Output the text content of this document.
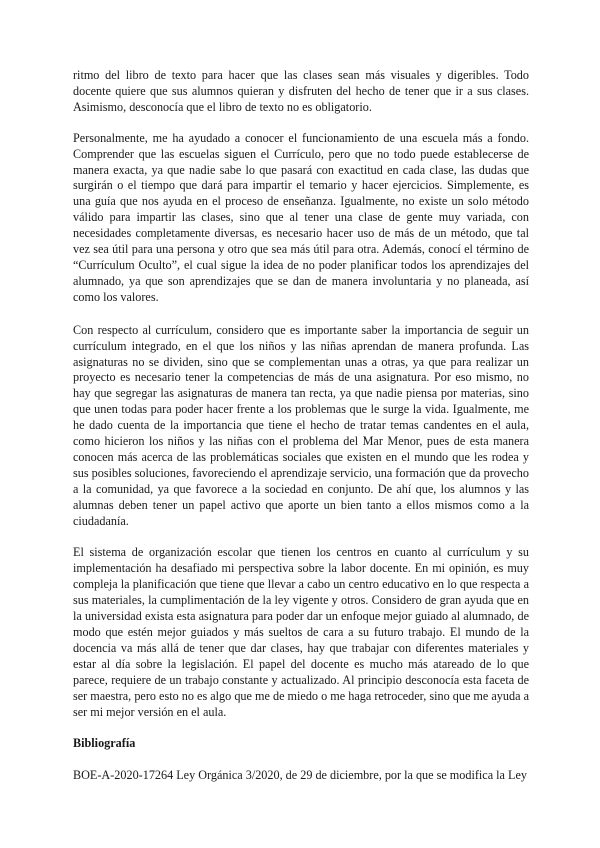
ritmo del libro de texto para hacer que las clases sean más visuales y digeribles. Todo docente quiere que sus alumnos quieran y disfruten del hecho de tener que ir a sus clases. Asimismo, desconocía que el libro de texto no es obligatorio.

Personalmente, me ha ayudado a conocer el funcionamiento de una escuela más a fondo. Comprender que las escuelas siguen el Currículo, pero que no todo puede establecerse de manera exacta, ya que nadie sabe lo que pasará con exactitud en cada clase, las dudas que surgirán o el tiempo que dará para impartir el temario y hacer ejercicios. Simplemente, es una guía que nos ayuda en el proceso de enseñanza. Igualmente, no existe un solo método válido para impartir las clases, sino que al tener una clase de gente muy variada, con necesidades completamente diversas, es necesario hacer uso de más de un método, que tal vez sea útil para una persona y otro que sea más útil para otra. Además, conocí el término de “Currículum Oculto”, el cual sigue la idea de no poder planificar todos los aprendizajes del alumnado, ya que son aprendizajes que se dan de manera involuntaria y no planeada, así como los valores.

Con respecto al currículum, considero que es importante saber la importancia de seguir un currículum integrado, en el que los niños y las niñas aprendan de manera profunda. Las asignaturas no se dividen, sino que se complementan unas a otras, ya que para realizar un proyecto es necesario tener la competencias de más de una asignatura. Por eso mismo, no hay que segregar las asignaturas de manera tan recta, ya que nadie piensa por materias, sino que unen todas para poder hacer frente a los problemas que le surge la vida. Igualmente, me he dado cuenta de la importancia que tiene el hecho de tratar temas candentes en el aula, como hicieron los niños y las niñas con el problema del Mar Menor, pues de esta manera conocen más acerca de las problemáticas sociales que existen en el mundo que les rodea y sus posibles soluciones, favoreciendo el aprendizaje servicio, una formación que da provecho a la comunidad, ya que favorece a la sociedad en conjunto. De ahí que, los alumnos y las alumnas deben tener un papel activo que aporte un bien tanto a ellos mismos como a la ciudadanía.

El sistema de organización escolar que tienen los centros en cuanto al currículum y su implementación ha desafiado mi perspectiva sobre la labor docente. En mi opinión, es muy compleja la planificación que tiene que llevar a cabo un centro educativo en lo que respecta a sus materiales, la cumplimentación de la ley vigente y otros. Considero de gran ayuda que en la universidad exista esta asignatura para poder dar un enfoque mejor guiado al alumnado, de modo que estén mejor guiados y más sueltos de cara a su futuro trabajo. El mundo de la docencia va más allá de tener que dar clases, hay que trabajar con diferentes materiales y estar al día sobre la legislación. El papel del docente es mucho más atareado de lo que parece, requiere de un trabajo constante y actualizado. Al principio desconocía esta faceta de ser maestra, pero esto no es algo que me de miedo o me haga retroceder, sino que me ayuda a ser mi mejor versión en el aula.

Bibliografía

BOE-A-2020-17264 Ley Orgánica 3/2020, de 29 de diciembre, por la que se modifica la Ley
